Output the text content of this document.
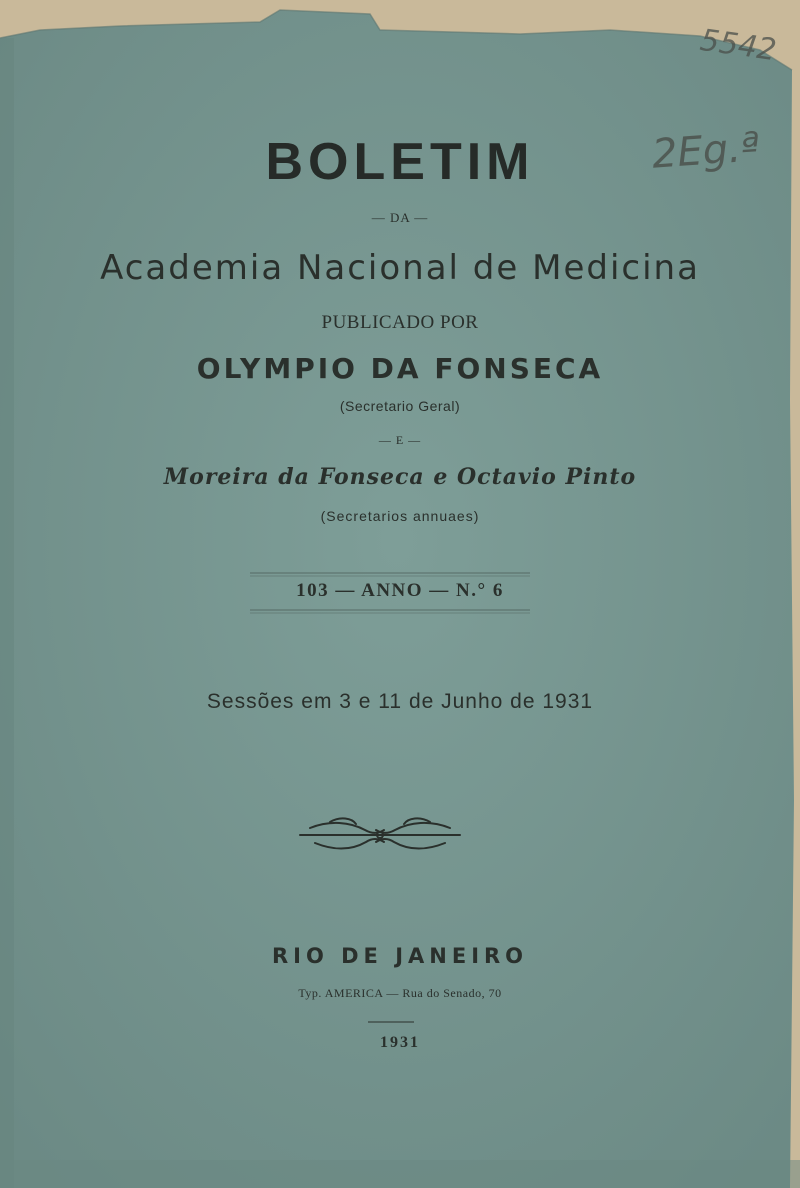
5542
2Eg.ª
BOLETIM
— DA —
Academia Nacional de Medicina
PUBLICADO POR
OLYMPIO DA FONSECA
(Secretario Geral)
— E —
Moreira da Fonseca e Octavio Pinto
(Secretarios annuaes)
103 — ANNO — N.° 6
Sessões em 3 e 11 de Junho de 1931
RIO DE JANEIRO
Typ. AMERICA — Rua do Senado, 70
1931
